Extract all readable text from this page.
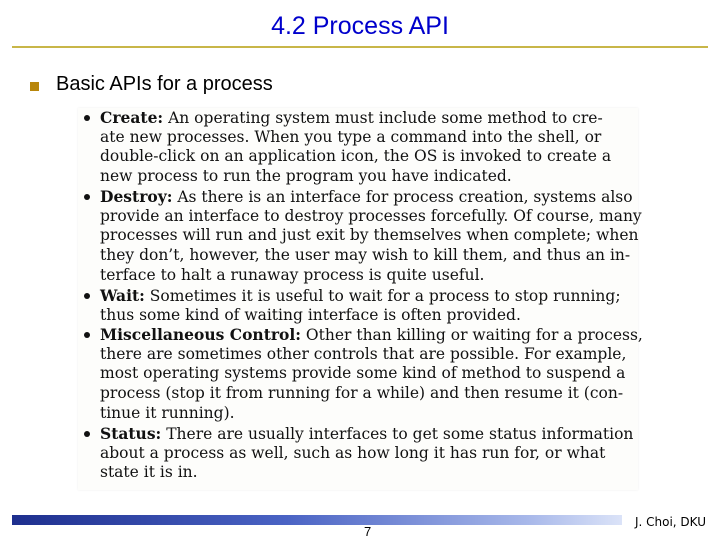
4.2 Process API
Basic APIs for a process
Create: An operating system must include some method to cre-
ate new processes. When you type a command into the shell, or
double-click on an application icon, the OS is invoked to create a
new process to run the program you have indicated.
Destroy: As there is an interface for process creation, systems also
provide an interface to destroy processes forcefully. Of course, many
processes will run and just exit by themselves when complete; when
they don’t, however, the user may wish to kill them, and thus an in-
terface to halt a runaway process is quite useful.
Wait: Sometimes it is useful to wait for a process to stop running;
thus some kind of waiting interface is often provided.
Miscellaneous Control: Other than killing or waiting for a process,
there are sometimes other controls that are possible. For example,
most operating systems provide some kind of method to suspend a
process (stop it from running for a while) and then resume it (con-
tinue it running).
Status: There are usually interfaces to get some status information
about a process as well, such as how long it has run for, or what
state it is in.
7
J. Choi, DKU
